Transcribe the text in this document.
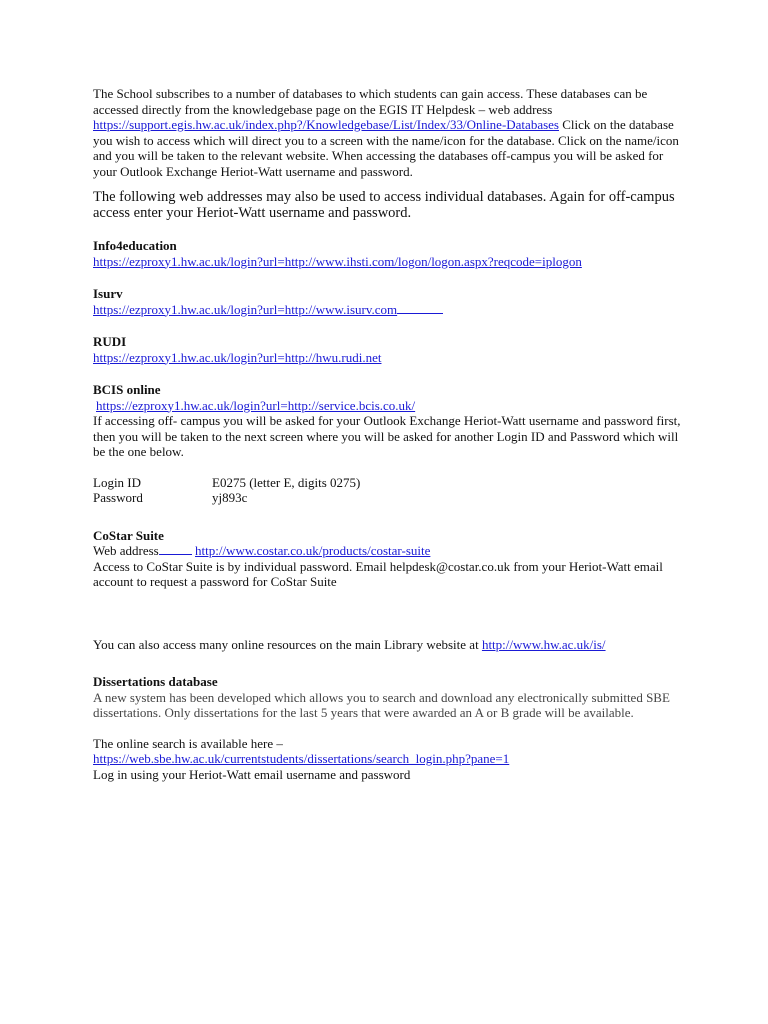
The School subscribes to a number of databases to which students can gain access. These databases can be accessed directly from the knowledgebase page on the EGIS IT Helpdesk – web address https://support.egis.hw.ac.uk/index.php?/Knowledgebase/List/Index/33/Online-Databases Click on the database you wish to access which will direct you to a screen with the name/icon for the database. Click on the name/icon and you will be taken to the relevant website. When accessing the databases off-campus you will be asked for your Outlook Exchange Heriot-Watt username and password.

The following web addresses may also be used to access individual databases. Again for off-campus access enter your Heriot-Watt username and password.

Info4education

https://ezproxy1.hw.ac.uk/login?url=http://www.ihsti.com/logon/logon.aspx?reqcode=iplogon

Isurv

https://ezproxy1.hw.ac.uk/login?url=http://www.isurv.com

RUDI

https://ezproxy1.hw.ac.uk/login?url=http://hwu.rudi.net

BCIS online

https://ezproxy1.hw.ac.uk/login?url=http://service.bcis.co.uk/

If accessing off- campus you will be asked for your Outlook Exchange Heriot-Watt username and password first, then you will be taken to the next screen where you will be asked for another Login ID and Password which will be the one below.

Login ID	E0275 (letter E, digits 0275)
Password	yj893c

CoStar Suite

Web address	http://www.costar.co.uk/products/costar-suite

Access to CoStar Suite is by individual password. Email helpdesk@costar.co.uk from your Heriot-Watt email account to request a password for CoStar Suite

You can also access many online resources on the main Library website at http://www.hw.ac.uk/is/

Dissertations database

A new system has been developed which allows you to search and download any electronically submitted SBE dissertations. Only dissertations for the last 5 years that were awarded an A or B grade will be available.

The online search is available here –

https://web.sbe.hw.ac.uk/currentstudents/dissertations/search_login.php?pane=1

Log in using your Heriot-Watt email username and password
